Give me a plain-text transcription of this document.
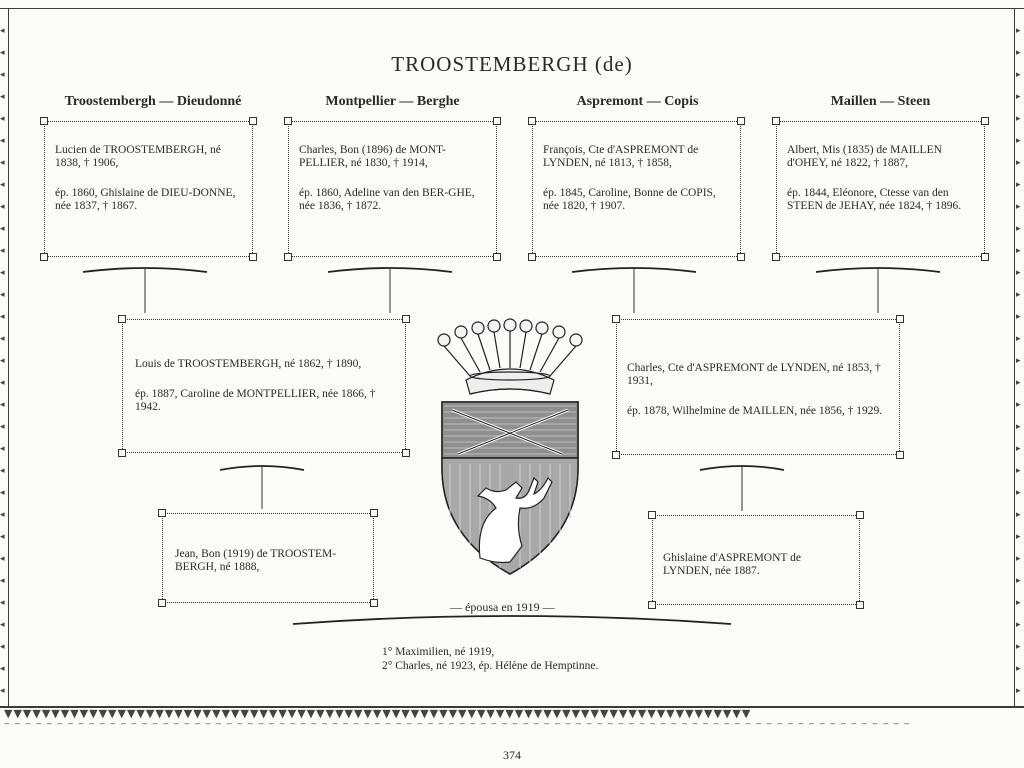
▼▼▼▼▼▼▼▼▼▼▼▼▼▼▼▼▼▼▼▼▼▼▼▼▼▼▼▼▼▼▼▼▼▼▼▼▼▼▼▼▼▼▼▼▼▼▼▼▼▼▼▼▼▼▼▼▼▼▼▼▼▼▼▼▼▼▼▼▼▼▼▼▼▼▼▼▼▼▼
‒ ‒ ‒ ‒ ‒ ‒ ‒ ‒ ‒ ‒ ‒ ‒ ‒ ‒ ‒ ‒ ‒ ‒ ‒ ‒ ‒ ‒ ‒ ‒ ‒ ‒ ‒ ‒ ‒ ‒ ‒ ‒ ‒ ‒ ‒ ‒ ‒ ‒ ‒ ‒ ‒ ‒ ‒ ‒ ‒ ‒ ‒ ‒ ‒ ‒ ‒ ‒ ‒ ‒ ‒ ‒ ‒ ‒ ‒ ‒ ‒ ‒ ‒ ‒ ‒ ‒ ‒ ‒ ‒ ‒ ‒ ‒ ‒ ‒ ‒ ‒ ‒ ‒ ‒ ‒ ‒ ‒ ‒ ‒ ‒ ‒
◂◂◂◂◂◂◂◂◂◂◂◂◂◂◂◂◂◂◂◂◂◂◂◂◂◂◂◂◂◂◂
▸▸▸▸▸▸▸▸▸▸▸▸▸▸▸▸▸▸▸▸▸▸▸▸▸▸▸▸▸▸▸
TROOSTEMBERGH (de)
Troostembergh — Dieudonné	Montpellier — Berghe	Aspremont — Copis	Maillen — Steen
Lucien de TROOSTEMBERGH, né 1838, † 1906,
ép. 1860, Ghislaine de DIEU-DONNE, née 1837, † 1867.
Charles, Bon (1896) de MONT-PELLIER, né 1830, † 1914,
ép. 1860, Adeline van den BER-GHE, née 1836, † 1872.
François, Cte d'ASPREMONT de LYNDEN, né 1813, † 1858,
ép. 1845, Caroline, Bonne de COPIS, née 1820, † 1907.
Albert, Mis (1835) de MAILLEN d'OHEY, né 1822, † 1887,
ép. 1844, Eléonore, Ctesse van den STEEN de JEHAY, née 1824, † 1896.
Louis de TROOSTEMBERGH, né 1862, † 1890,
ép. 1887, Caroline de MONTPELLIER, née 1866, † 1942.
Charles, Cte d'ASPREMONT de LYNDEN, né 1853, † 1931,
ép. 1878, Wilhelmine de MAILLEN, née 1856, † 1929.
Jean, Bon (1919) de TROOSTEM-BERGH, né 1888,
Ghislaine d'ASPREMONT de LYNDEN, née 1887.
— épousa en 1919 —
1° Maximilien, né 1919,
2° Charles, né 1923, ép. Hélène de Hemptinne.
374
